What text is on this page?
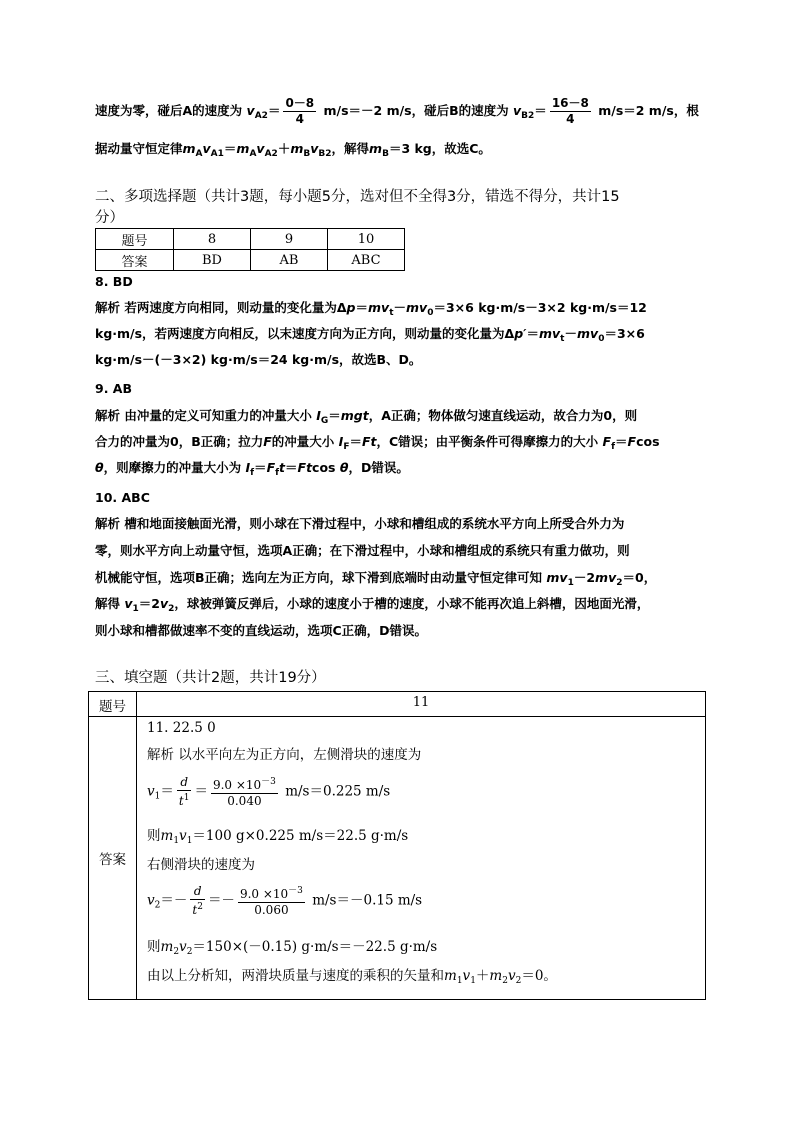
速度为零，碰后A的速度为 $v_{A2}= \frac{0-8}{4} m/s=-2$ m/s，碰后B的速度为 $v_{B2}= \frac{16-8}{4} m/s=2$ m/s，根
据动量守恒定律$m_Av_{A1}=m_Av_{A2}+m_Bv_{B2}$，解得$m_B=3$ kg，故选C。
二、多项选择题（共计3题，每小题5分，选对但不全得3分，错选不得分，共计15
分）
题号	8	9	10
答案	BD	AB	ABC
8. BD
解析 若两速度方向相同，则动量的变化量为$\Delta p=mv_t-mv_0=3\times 6$ kg·m/s－3×2 kg·m/s＝12
kg·m/s，若两速度方向相反，以末速度方向为正方向，则动量的变化量为$\Delta p'=mv_t-mv_0=3\times 6$
kg·m/s－(－3×2) kg·m/s＝24 kg·m/s，故选B、D。
9. AB
解析 由冲量的定义可知重力的冲量大小 $I_G=mgt$，A正确；物体做匀速直线运动，故合力为0，则
合力的冲量为0，B正确；拉力F的冲量大小 $I_F=Ft$，C错误；由平衡条件可得摩擦力的大小 $F_f=Fcos$
θ，则摩擦力的冲量大小为 $I_f=F_ft=Ftcos$ θ，D错误。
10. ABC
解析 槽和地面接触面光滑，则小球在下滑过程中，小球和槽组成的系统水平方向上所受合外力为
零，则水平方向上动量守恒，选项A正确；在下滑过程中，小球和槽组成的系统只有重力做功，则
机械能守恒，选项B正确；选向左为正方向，球下滑到底端时由动量守恒定律可知 $mv_1-2mv_2=0$，
解得 $v_1=2v_2$，球被弹簧反弹后，小球的速度小于槽的速度，小球不能再次追上斜槽，因地面光滑，
则小球和槽都做速率不变的直线运动，选项C正确，D错误。
三、填空题（共计2题，共计19分）
题号	11
答案
11. 22.5 0
解析 以水平向左为正方向，左侧滑块的速度为
$v_1= \frac{d}{t^1} = \frac{9.0 \times 10^{-3}}{0.040} m/s=0.225$ m/s
则$m_1v_1=100$ g×0.225 m/s＝22.5 g·m/s
右侧滑块的速度为
$v_2=- \frac{d}{t^2} =- \frac{9.0 \times 10^{-3}}{0.060} m/s=-0.15$ m/s
则$m_2v_2=150\times(-0.15)$ g·m/s＝－22.5 g·m/s
由以上分析知，两滑块质量与速度的乘积的矢量和$m_1v_1+m_2v_2=0$。
